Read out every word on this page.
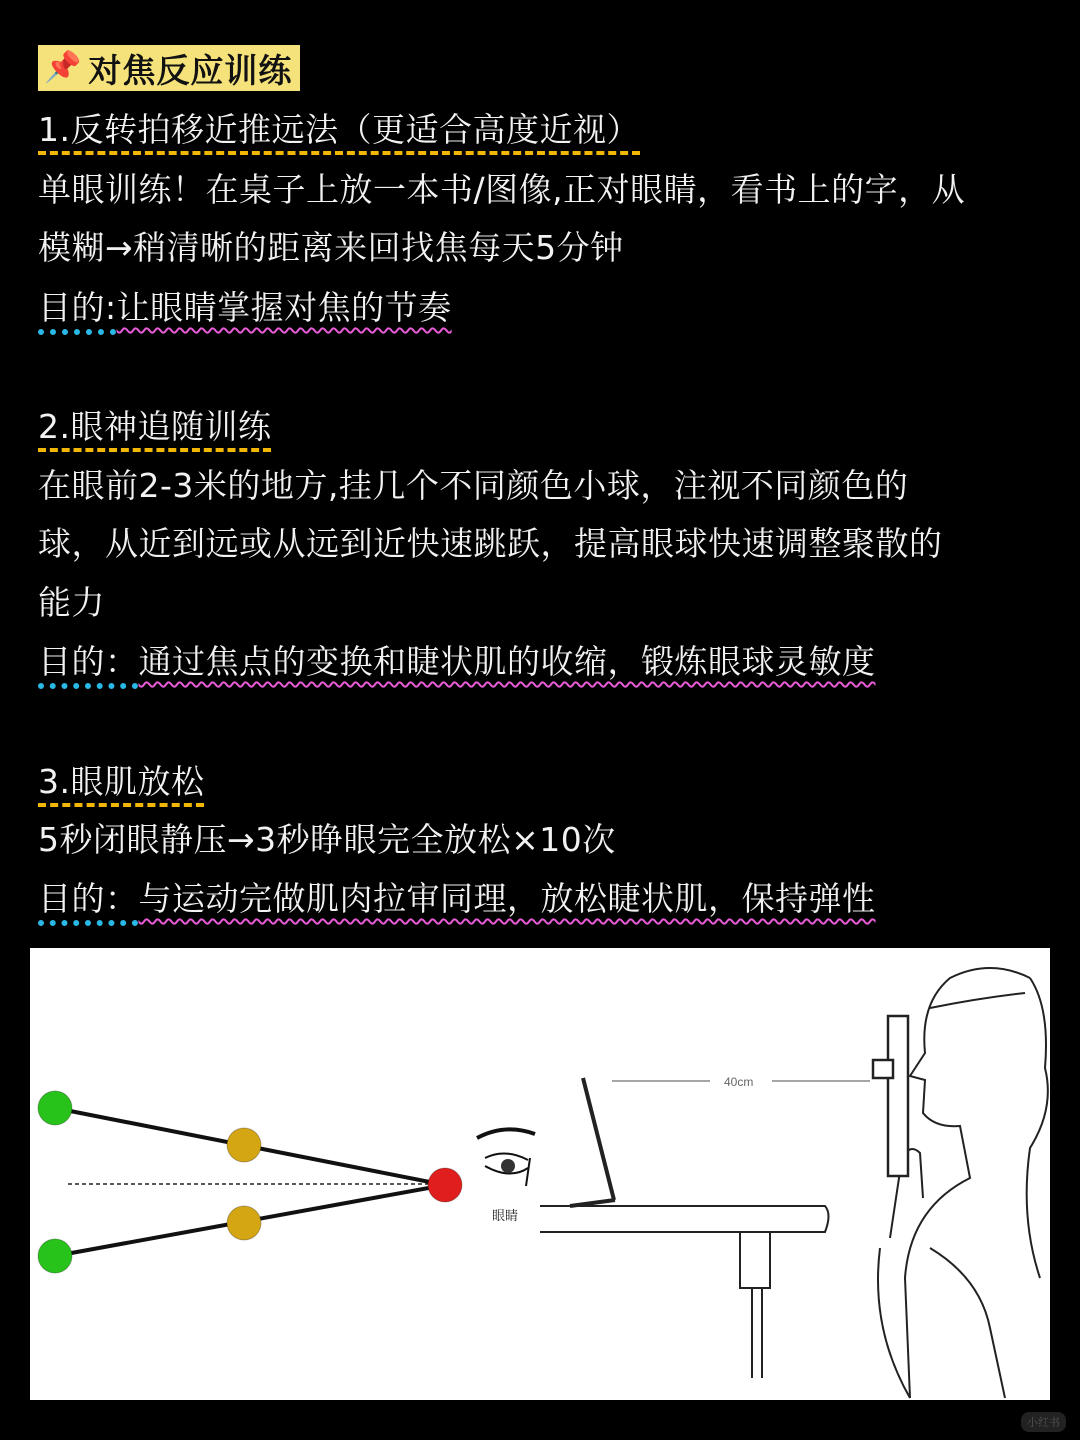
📌 对焦反应训练
1.反转拍移近推远法（更适合高度近视）
单眼训练！在桌子上放一本书/图像,正对眼睛，看书上的字，从
模糊→稍清晰的距离来回找焦每天5分钟
目的:让眼睛掌握对焦的节奏
2.眼神追随训练
在眼前2-3米的地方,挂几个不同颜色小球，注视不同颜色的
球，从近到远或从远到近快速跳跃，提高眼球快速调整聚散的
能力
目的：通过焦点的变换和睫状肌的收缩，锻炼眼球灵敏度
3.眼肌放松
5秒闭眼静压→3秒睁眼完全放松×10次
目的：与运动完做肌肉拉审同理，放松睫状肌，保持弹性
眼睛
40cm
小红书
